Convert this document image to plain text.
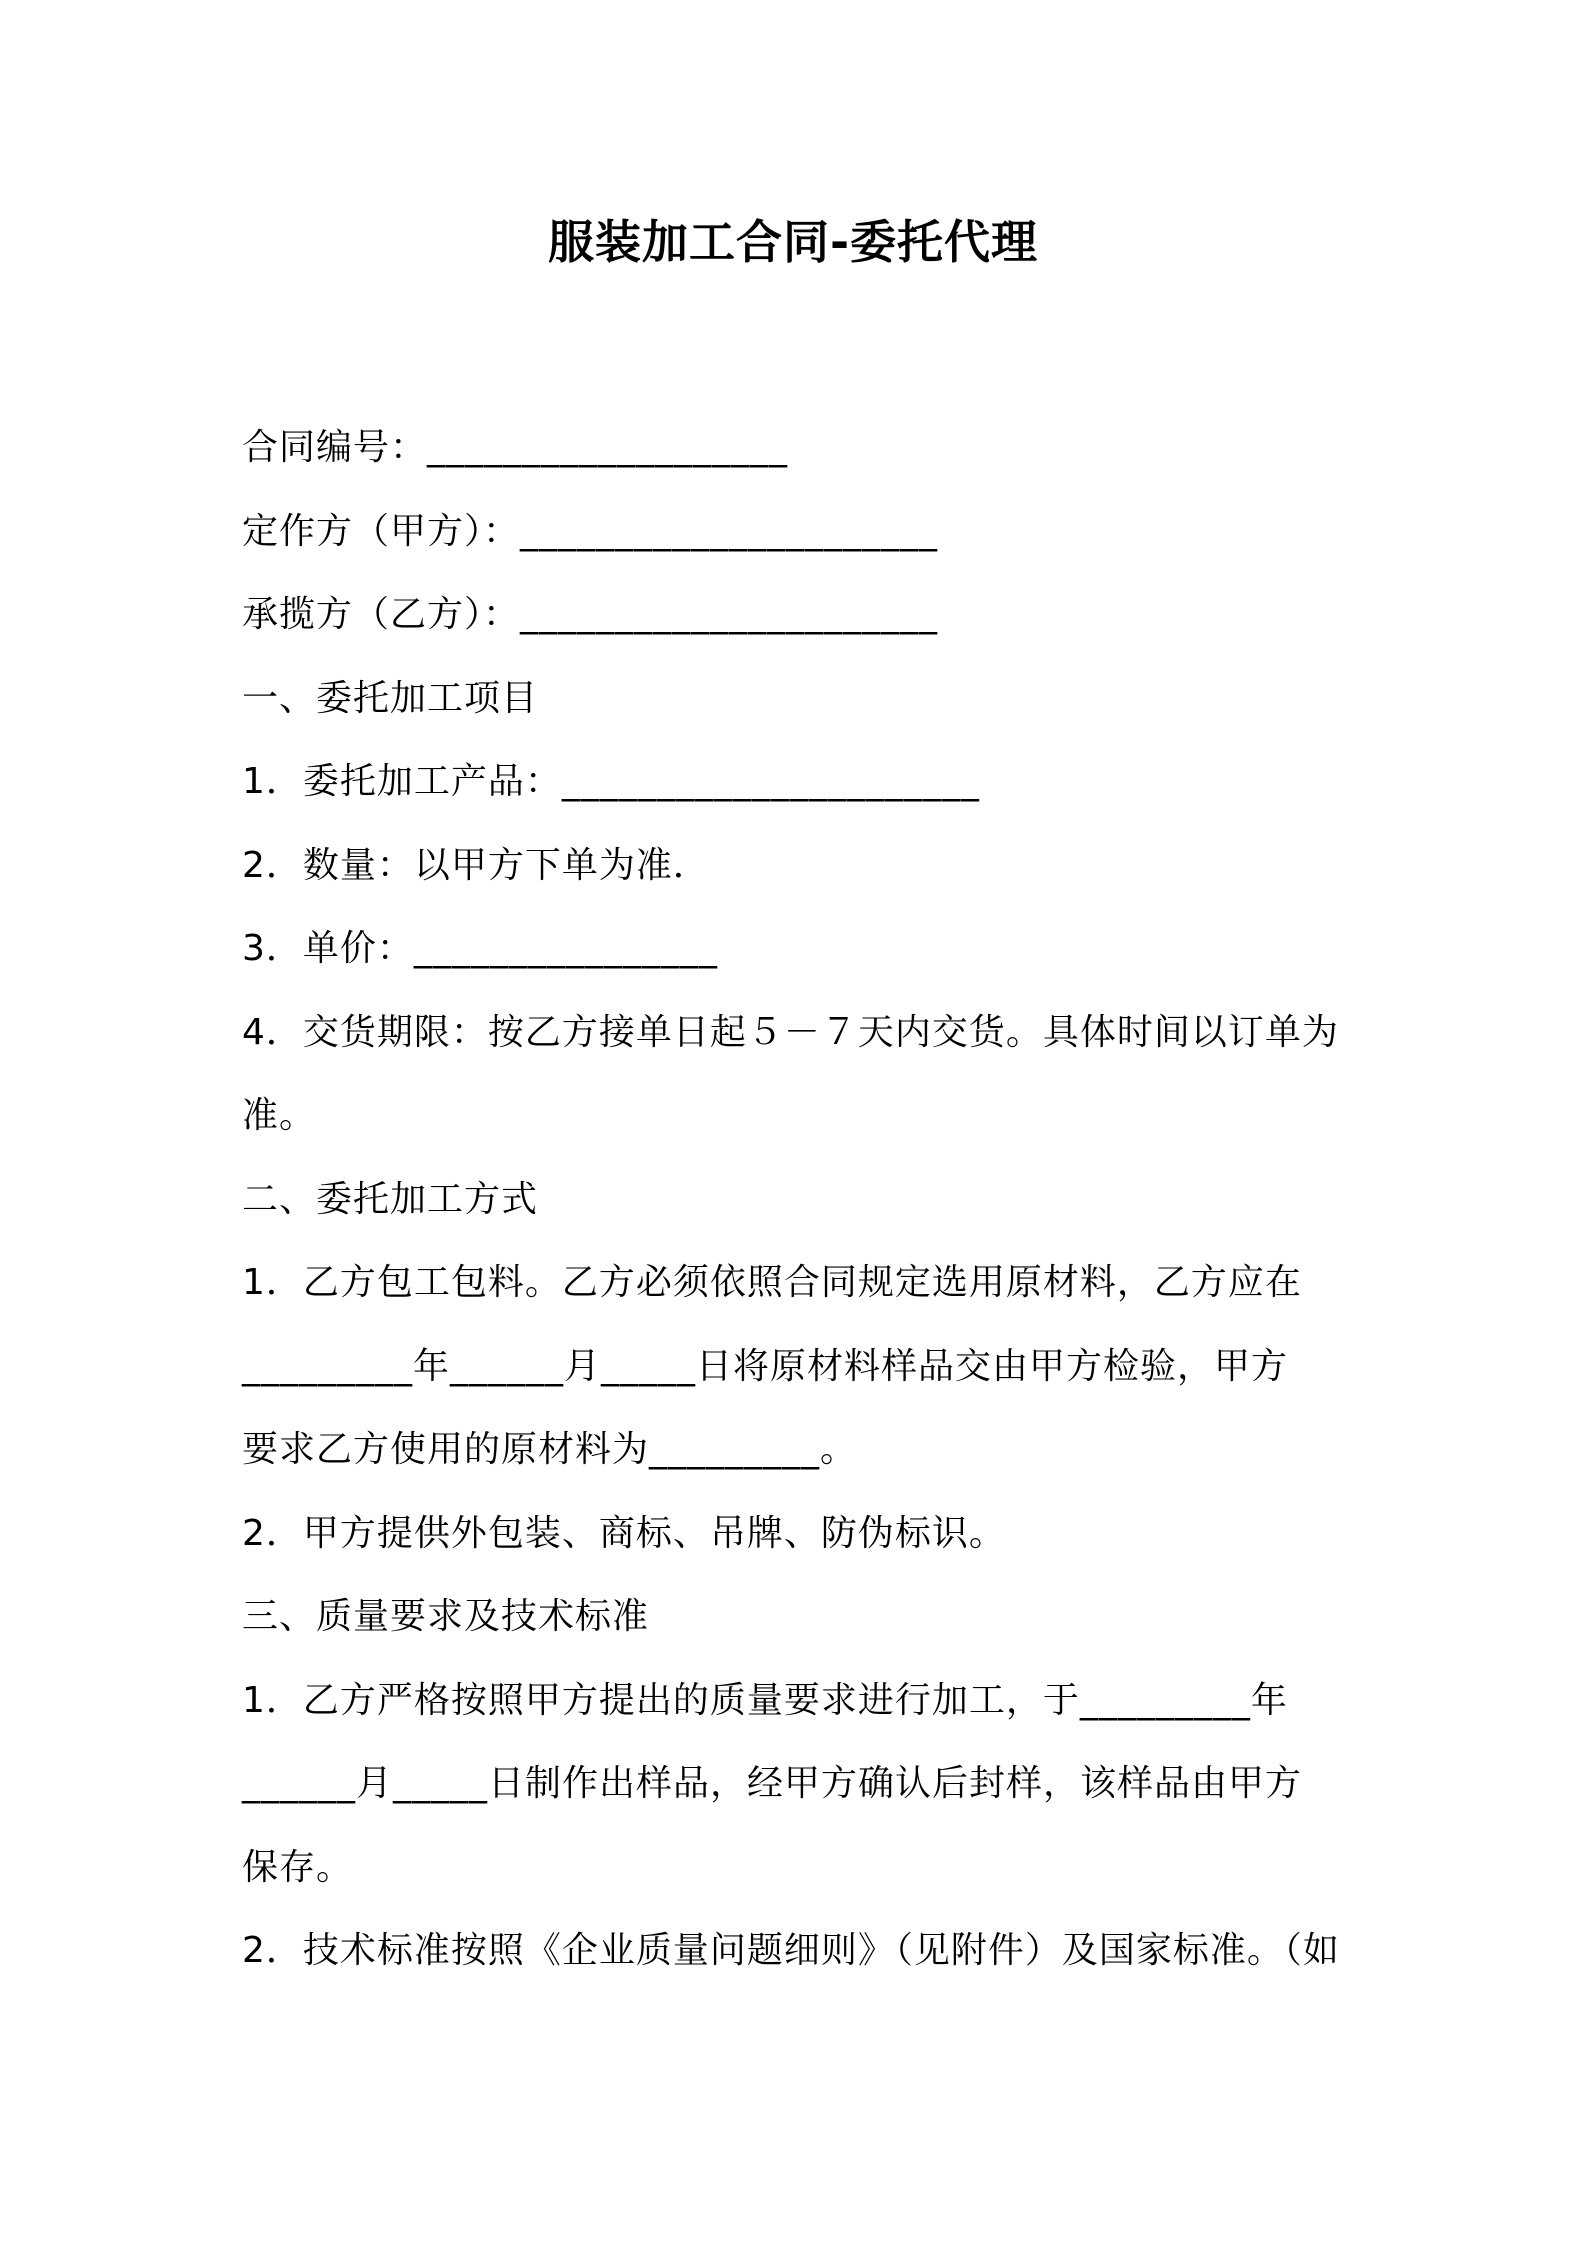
服装加工合同-委托代理
合同编号：___________________
定作方（甲方）：______________________
承揽方（乙方）：______________________
一、委托加工项目
1．委托加工产品：______________________
2．数量：以甲方下单为准．
3．单价：________________
4．交货期限：按乙方接单日起５－７天内交货。具体时间以订单为
准。
二、委托加工方式
1．乙方包工包料。乙方必须依照合同规定选用原材料，乙方应在
_________年______月_____日将原材料样品交由甲方检验，甲方
要求乙方使用的原材料为_________。
2．甲方提供外包装、商标、吊牌、防伪标识。
三、质量要求及技术标准
1．乙方严格按照甲方提出的质量要求进行加工，于_________年
______月_____日制作出样品，经甲方确认后封样，该样品由甲方
保存。
2．技术标准按照《企业质量问题细则》（见附件）及国家标准。（如
